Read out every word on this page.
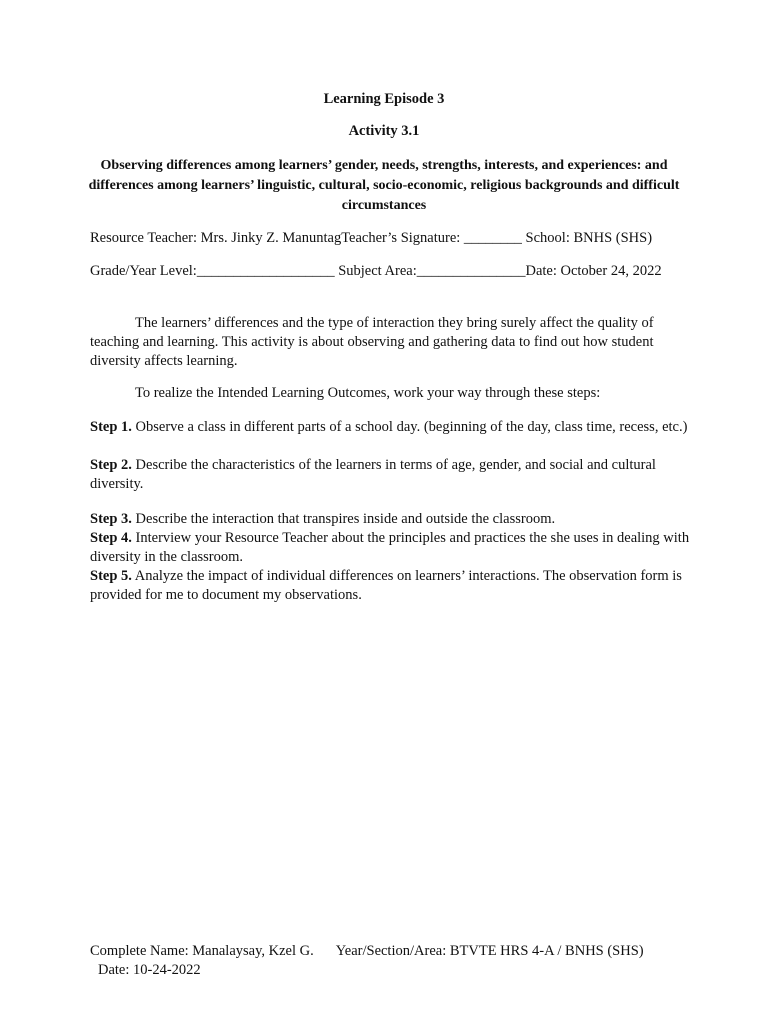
Learning Episode 3
Activity 3.1
Observing differences among learners’ gender, needs, strengths, interests, and experiences: and differences among learners’ linguistic, cultural, socio-economic, religious backgrounds and difficult circumstances
Resource Teacher: Mrs. Jinky Z. ManuntagTeacher’s Signature: ________ School: BNHS (SHS)
Grade/Year Level:___________________ Subject Area:_______________Date: October 24, 2022
The learners’ differences and the type of interaction they bring surely affect the quality of teaching and learning. This activity is about observing and gathering data to find out how student diversity affects learning.
To realize the Intended Learning Outcomes, work your way through these steps:
Step 1. Observe a class in different parts of a school day. (beginning of the day, class time, recess, etc.)
Step 2. Describe the characteristics of the learners in terms of age, gender, and social and cultural diversity.
Step 3. Describe the interaction that transpires inside and outside the classroom.
Step 4. Interview your Resource Teacher about the principles and practices the she uses in dealing with diversity in the classroom.
Step 5. Analyze the impact of individual differences on learners’ interactions. The observation form is provided for me to document my observations.
Complete Name: Manalaysay, Kzel G. Year/Section/Area: BTVTE HRS 4-A / BNHS (SHS)
Date: 10-24-2022
